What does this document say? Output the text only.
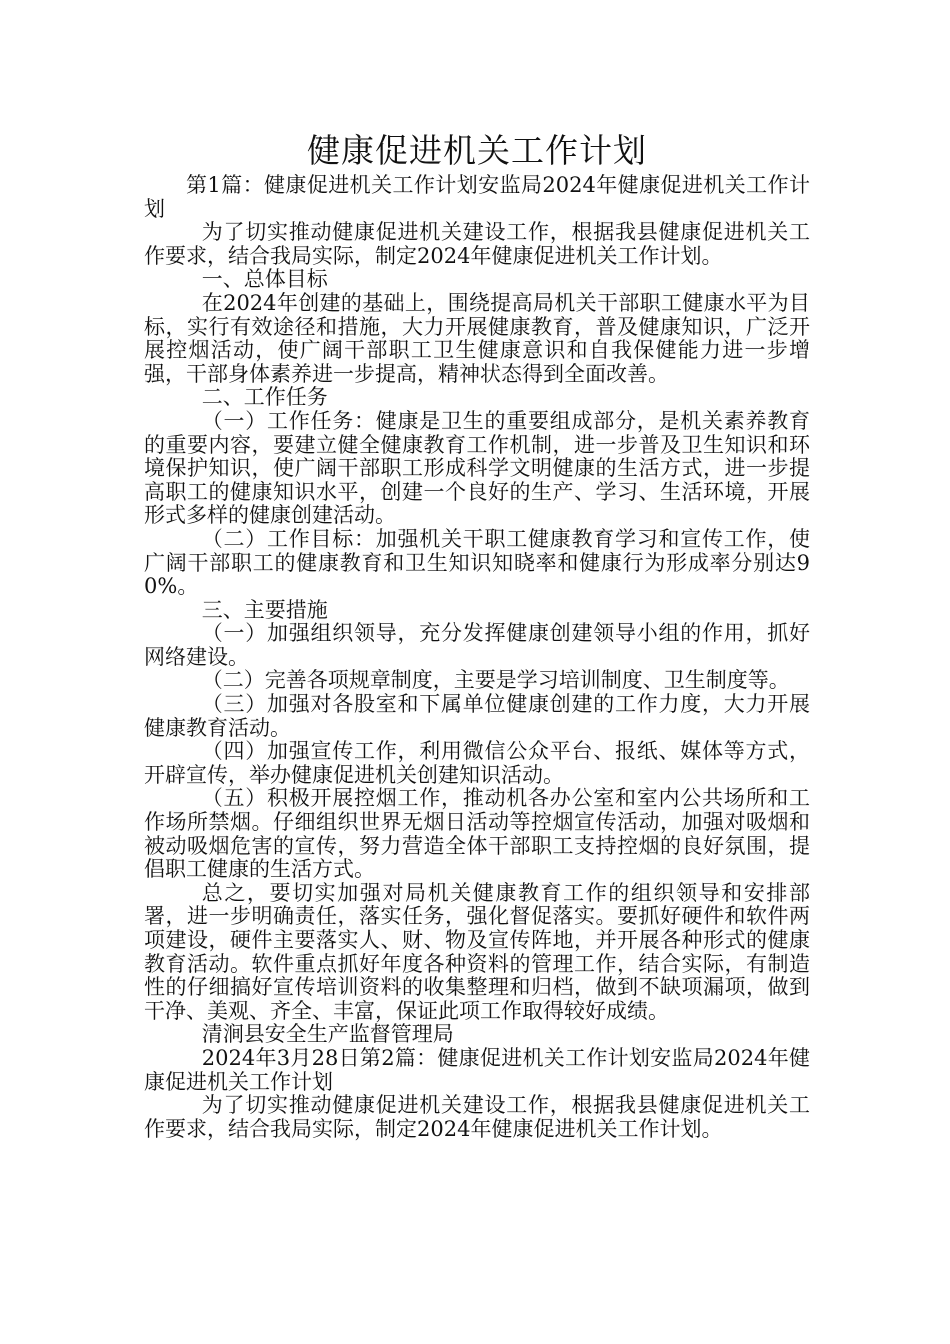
健康促进机关工作计划

第1篇：健康促进机关工作计划安监局2024年健康促进机关工作计划

为了切实推动健康促进机关建设工作，根据我县健康促进机关工作要求，结合我局实际，制定2024年健康促进机关工作计划。

一、总体目标

在2024年创建的基础上，围绕提高局机关干部职工健康水平为目标，实行有效途径和措施，大力开展健康教育，普及健康知识，广泛开展控烟活动，使广阔干部职工卫生健康意识和自我保健能力进一步增强，干部身体素养进一步提高，精神状态得到全面改善。

二、工作任务

（一）工作任务：健康是卫生的重要组成部分，是机关素养教育的重要内容，要建立健全健康教育工作机制，进一步普及卫生知识和环境保护知识，使广阔干部职工形成科学文明健康的生活方式，进一步提高职工的健康知识水平，创建一个良好的生产、学习、生活环境，开展形式多样的健康创建活动。

（二）工作目标：加强机关干职工健康教育学习和宣传工作，使广阔干部职工的健康教育和卫生知识知晓率和健康行为形成率分别达90%。

三、主要措施

（一）加强组织领导，充分发挥健康创建领导小组的作用，抓好网络建设。

（二）完善各项规章制度，主要是学习培训制度、卫生制度等。

（三）加强对各股室和下属单位健康创建的工作力度，大力开展健康教育活动。

（四）加强宣传工作，利用微信公众平台、报纸、媒体等方式，开辟宣传，举办健康促进机关创建知识活动。

（五）积极开展控烟工作，推动机各办公室和室内公共场所和工作场所禁烟。仔细组织世界无烟日活动等控烟宣传活动，加强对吸烟和被动吸烟危害的宣传，努力营造全体干部职工支持控烟的良好氛围，提倡职工健康的生活方式。

总之，要切实加强对局机关健康教育工作的组织领导和安排部署，进一步明确责任，落实任务，强化督促落实。要抓好硬件和软件两项建设，硬件主要落实人、财、物及宣传阵地，并开展各种形式的健康教育活动。软件重点抓好年度各种资料的管理工作，结合实际，有制造性的仔细搞好宣传培训资料的收集整理和归档，做到不缺项漏项，做到干净、美观、齐全、丰富，保证此项工作取得较好成绩。

清涧县安全生产监督管理局

2024年3月28日第2篇：健康促进机关工作计划安监局2024年健康促进机关工作计划

为了切实推动健康促进机关建设工作，根据我县健康促进机关工作要求，结合我局实际，制定2024年健康促进机关工作计划。
